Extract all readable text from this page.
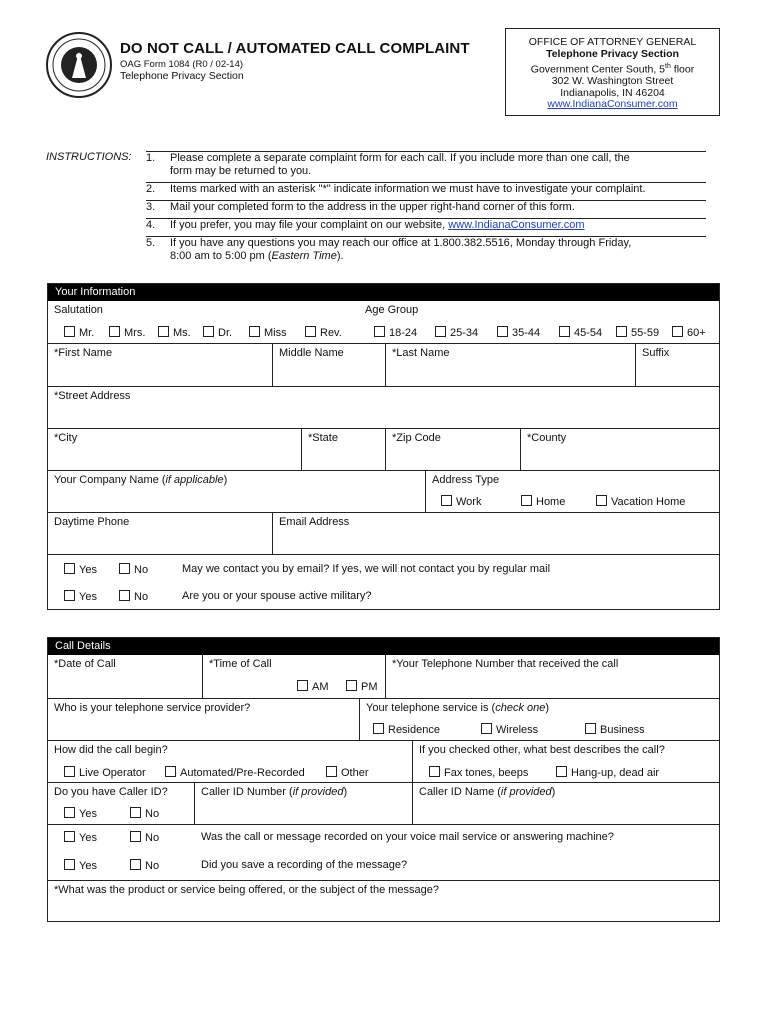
DO NOT CALL / AUTOMATED CALL COMPLAINT
OAG Form 1084 (R0 / 02-14)
Telephone Privacy Section
OFFICE OF ATTORNEY GENERAL
Telephone Privacy Section
Government Center South, 5th floor
302 W. Washington Street
Indianapolis, IN 46204
www.IndianaConsumer.com
INSTRUCTIONS: 1.	Please complete a separate complaint form for each call. If you include more than one call, the form may be returned to you.
2.	Items marked with an asterisk "*" indicate information we must have to investigate your complaint.
3.	Mail your completed form to the address in the upper right-hand corner of this form.
4.	If you prefer, you may file your complaint on our website, www.IndianaConsumer.com
5.	If you have any questions you may reach our office at 1.800.382.5516, Monday through Friday, 8:00 am to 5:00 pm (Eastern Time).
Your Information
Salutation
Mr.	Mrs.	Ms.	Dr.	Miss	Rev.
Age Group
18-24	25-34	35-44	45-54	55-59	60+
*First Name	Middle Name	*Last Name	Suffix
*Street Address
*City	*State	*Zip Code	*County
Your Company Name (if applicable)	Address Type
Work	Home	Vacation Home
Daytime Phone	Email Address
Yes	No	May we contact you by email? If yes, we will not contact you by regular mail
Yes	No	Are you or your spouse active military?
Call Details
*Date of Call	*Time of Call
AM	PM
*Your Telephone Number that received the call
Who is your telephone service provider?	Your telephone service is (check one)
Residence	Wireless	Business
How did the call begin?
Live Operator	Automated/Pre-Recorded	Other
If you checked other, what best describes the call?
Fax tones, beeps	Hang-up, dead air
Do you have Caller ID?
Yes	No
Caller ID Number (if provided)	Caller ID Name (if provided)
Yes	No	Was the call or message recorded on your voice mail service or answering machine?
Yes	No	Did you save a recording of the message?
*What was the product or service being offered, or the subject of the message?
